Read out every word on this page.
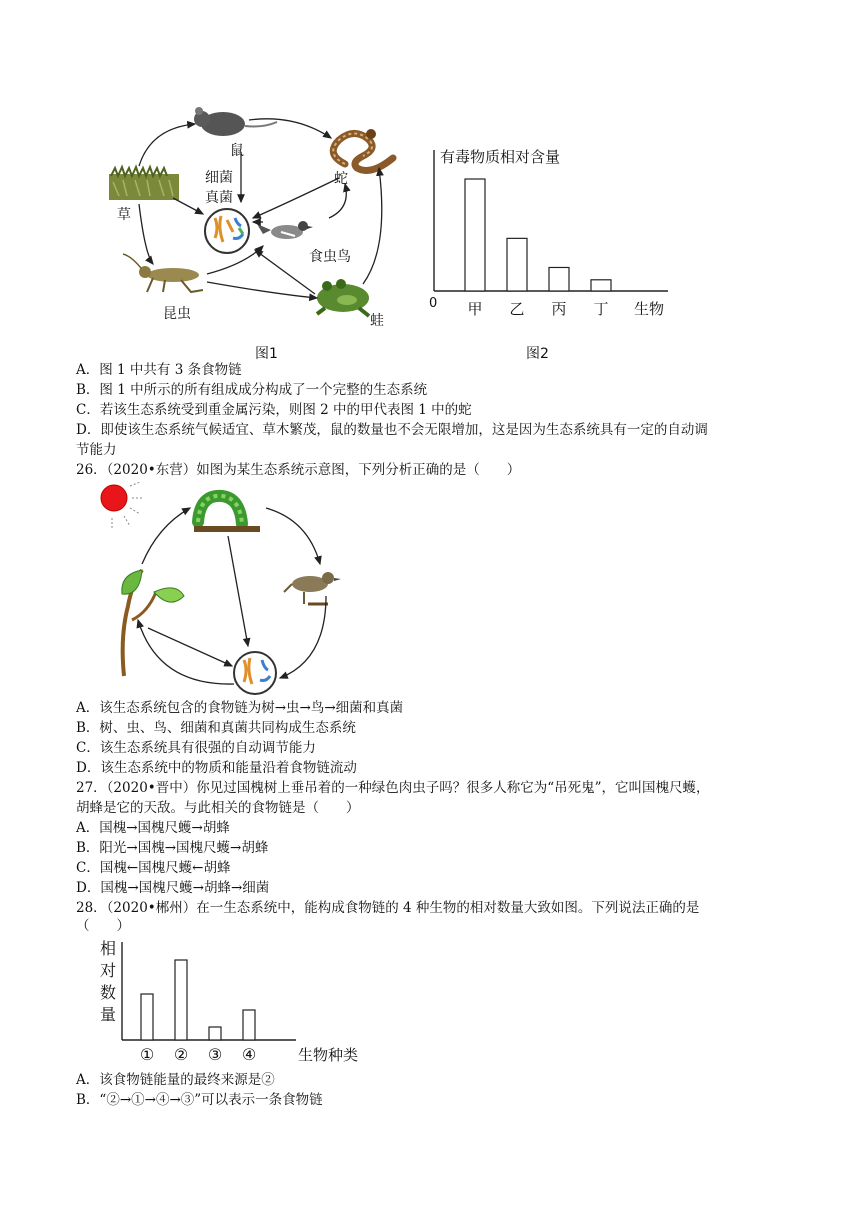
鼠
蛇
草
细菌
真菌
食虫鸟
昆虫	蛙
图1
甲 乙 丙 丁
有毒物质相对含量
0	生物
图2
A．图 1 中共有 3 条食物链
B．图 1 中所示的所有组成成分构成了一个完整的生态系统
C．若该生态系统受到重金属污染，则图 2 中的甲代表图 1 中的蛇
D．即使该生态系统气候适宜、草木繁茂，鼠的数量也不会无限增加，这是因为生态系统具有一定的自动调
节能力
26．（2020•东营）如图为某生态系统示意图，下列分析正确的是（　　）
A．该生态系统包含的食物链为树→虫→鸟→细菌和真菌
B．树、虫、鸟、细菌和真菌共同构成生态系统
C．该生态系统具有很强的自动调节能力
D．该生态系统中的物质和能量沿着食物链流动
27．（2020•晋中）你见过国槐树上垂吊着的一种绿色肉虫子吗？很多人称它为“吊死鬼”，它叫国槐尺蠖，
胡蜂是它的天敌。与此相关的食物链是（　　）
A．国槐→国槐尺蠖→胡蜂
B．阳光→国槐→国槐尺蠖→胡蜂
C．国槐←国槐尺蠖←胡蜂
D．国槐→国槐尺蠖→胡蜂→细菌
28．（2020•郴州）在一生态系统中，能构成食物链的 4 种生物的相对数量大致如图。下列说法正确的是
（　　）
① ② ③ ④
相对数量
生物种类
A．该食物链能量的最终来源是②
B．“②→①→④→③”可以表示一条食物链
